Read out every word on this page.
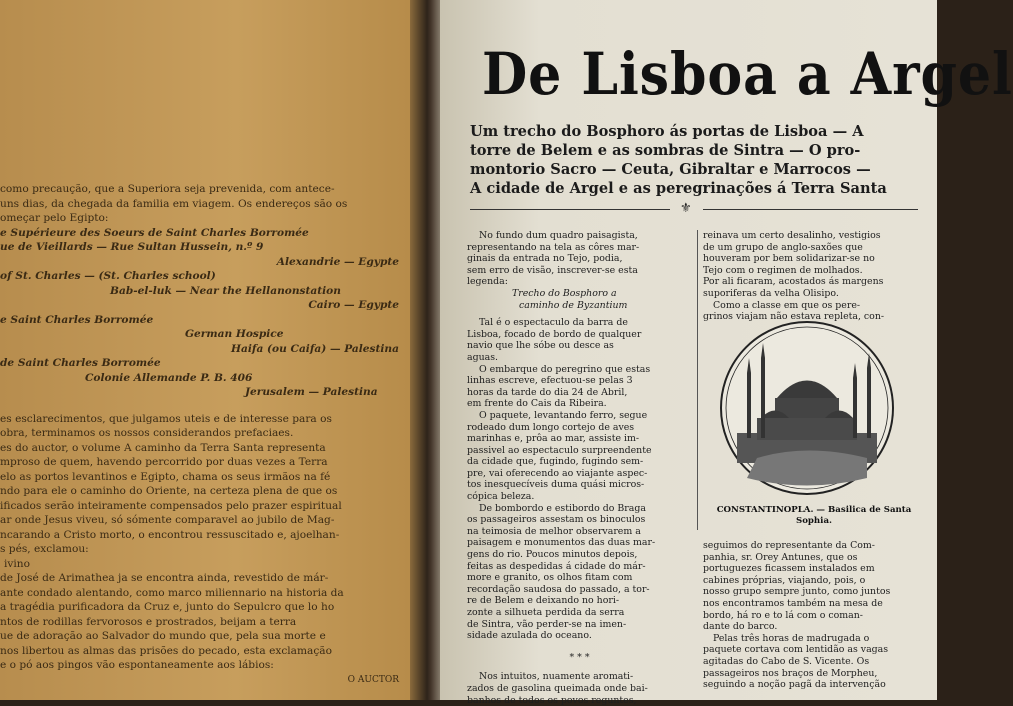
como precaução, que a Superiora seja prevenida, com antece-
uns dias, da chegada da familia em viagem. Os endereços são os
omeçar pelo Egipto:
e Supérieure des Soeurs de Saint Charles Borromée
ue de Vieillards — Rue Sultan Hussein, n.º 9
Alexandrie — Egypte
of St. Charles — (St. Charles school)
Bab-el-luk — Near the Hellanonstation
Cairo — Egypte
e Saint Charles Borromée
German Hospice
Haifa (ou Caifa) — Palestina
de Saint Charles Borromée
Colonie Allemande P. B. 406
Jerusalem — Palestina
es esclarecimentos, que julgamos uteis e de interesse para os
obra, terminamos os nossos considerandos prefaciaes.
es do auctor, o volume A caminho da Terra Santa representa
mproso de quem, havendo percorrido por duas vezes a Terra
elo as portos levantinos e Egipto, chama os seus irmãos na fé
ndo para ele o caminho do Oriente, na certeza plena de que os
ificados serão inteiramente compensados pelo prazer espiritual
ar onde Jesus viveu, só sómente comparavel ao jubilo de Mag-
ncarando a Cristo morto, o encontrou ressuscitado e, ajoelhan-
s pés, exclamou:
ivino
de José de Arimathea ja se encontra ainda, revestido de már-
ante condado alentando, como marco miliennario na historia da
a tragédia purificadora da Cruz e, junto do Sepulcro que lo ho
ntos de rodillas fervorosos e prostrados, beijam a terra
ue de adoração ao Salvador do mundo que, pela sua morte e
nos libertou as almas das prisões do pecado, esta exclamação
e o pó aos pingos vão espontaneamente aos lábios:
O AUCTOR
De Lisboa a Argel
Um trecho do Bosphoro ás portas de Lisboa — A
torre de Belem e as sombras de Sintra — O pro-
montorio Sacro — Ceuta, Gibraltar e Marrocos —
A cidade de Argel e as peregrinações á Terra Santa
⚜
No fundo dum quadro paisagista,
representando na tela as côres mar-
ginais da entrada no Tejo, podia,
sem erro de visão, inscrever-se esta
legenda:
Trecho do Bosphoro a
caminho de Byzantium
Tal é o espectaculo da barra de
Lisboa, focado de bordo de qualquer
navio que lhe sóbe ou desce as
aguas.
O embarque do peregrino que estas
linhas escreve, efectuou-se pelas 3
horas da tarde do dia 24 de Abril,
em frente do Cais da Ribeira.
O paquete, levantando ferro, segue
rodeado dum longo cortejo de aves
marinhas e, prôa ao mar, assiste im-
passivel ao espectaculo surpreendente
da cidade que, fugindo, fugindo sem-
pre, vai oferecendo ao viajante aspec-
tos inesquecíveis duma quási micros-
cópica beleza.
De bombordo e estibordo do Braga
os passageiros assestam os binoculos
na teimosia de melhor observarem a
paisagem e monumentos das duas mar-
gens do rio. Poucos minutos depois,
feitas as despedidas á cidade do már-
more e granito, os olhos fitam com
recordação saudosa do passado, a tor-
re de Belem e deixando no hori-
zonte a silhueta perdida da serra
de Sintra, vão perder-se na imen-
sidade azulada do oceano.
* * *
Nos intuitos, nuamente aromati-
zados de gasolina queimada onde bai-
banhos de todos os povos reguntes,
reinava um certo desalinho, vestigios
de um grupo de anglo-saxões que
houveram por bem solidarizar-se no
Tejo com o regimen de molhados.
Por ali ficaram, acostados ás margens
suporiferas da velha Olisipo.
Como a classe em que os pere-
grinos viajam não estava repleta, con-
CONSTANTINOPLA. — Basilica de Santa Sophia.
seguimos do representante da Com-
panhia, sr. Orey Antunes, que os
portuguezes ficassem instalados em
cabines próprias, viajando, pois, o
nosso grupo sempre junto, como juntos
nos encontramos também na mesa de
bordo, há ro e to lá com o coman-
dante do barco.
Pelas três horas de madrugada o
paquete cortava com lentidão as vagas
agitadas do Cabo de S. Vicente. Os
passageiros nos braços de Morpheu,
seguindo a noção pagã da intervenção
